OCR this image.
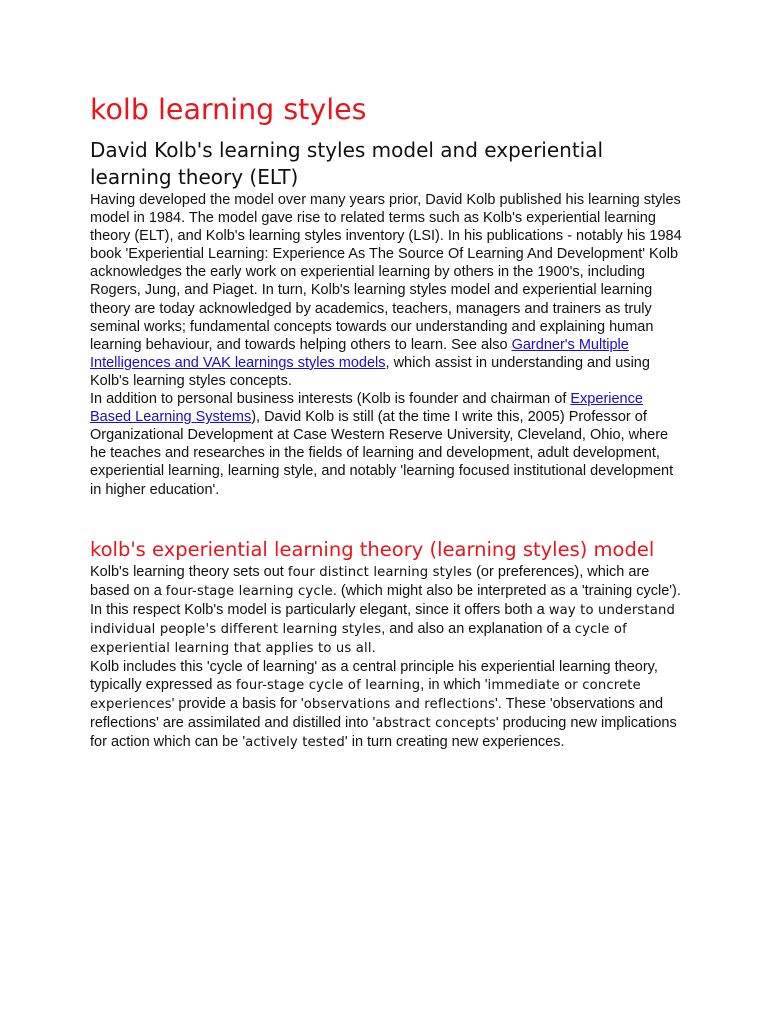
kolb learning styles
David Kolb's learning styles model and experiential learning theory (ELT)

Having developed the model over many years prior, David Kolb published his learning styles model in 1984. The model gave rise to related terms such as Kolb's experiential learning theory (ELT), and Kolb's learning styles inventory (LSI). In his publications - notably his 1984 book 'Experiential Learning: Experience As The Source Of Learning And Development' Kolb acknowledges the early work on experiential learning by others in the 1900's, including Rogers, Jung, and Piaget. In turn, Kolb's learning styles model and experiential learning theory are today acknowledged by academics, teachers, managers and trainers as truly seminal works; fundamental concepts towards our understanding and explaining human learning behaviour, and towards helping others to learn. See also Gardner's Multiple Intelligences and VAK learnings styles models, which assist in understanding and using Kolb's learning styles concepts.

In addition to personal business interests (Kolb is founder and chairman of Experience Based Learning Systems), David Kolb is still (at the time I write this, 2005) Professor of Organizational Development at Case Western Reserve University, Cleveland, Ohio, where he teaches and researches in the fields of learning and development, adult development, experiential learning, learning style, and notably 'learning focused institutional development in higher education'.

kolb's experiential learning theory (learning styles) model

Kolb's learning theory sets out four distinct learning styles (or preferences), which are based on a four-stage learning cycle. (which might also be interpreted as a 'training cycle'). In this respect Kolb's model is particularly elegant, since it offers both a way to understand individual people's different learning styles, and also an explanation of a cycle of experiential learning that applies to us all.

Kolb includes this 'cycle of learning' as a central principle his experiential learning theory, typically expressed as four-stage cycle of learning, in which 'immediate or concrete experiences' provide a basis for 'observations and reflections'. These 'observations and reflections' are assimilated and distilled into 'abstract concepts' producing new implications for action which can be 'actively tested' in turn creating new experiences.
